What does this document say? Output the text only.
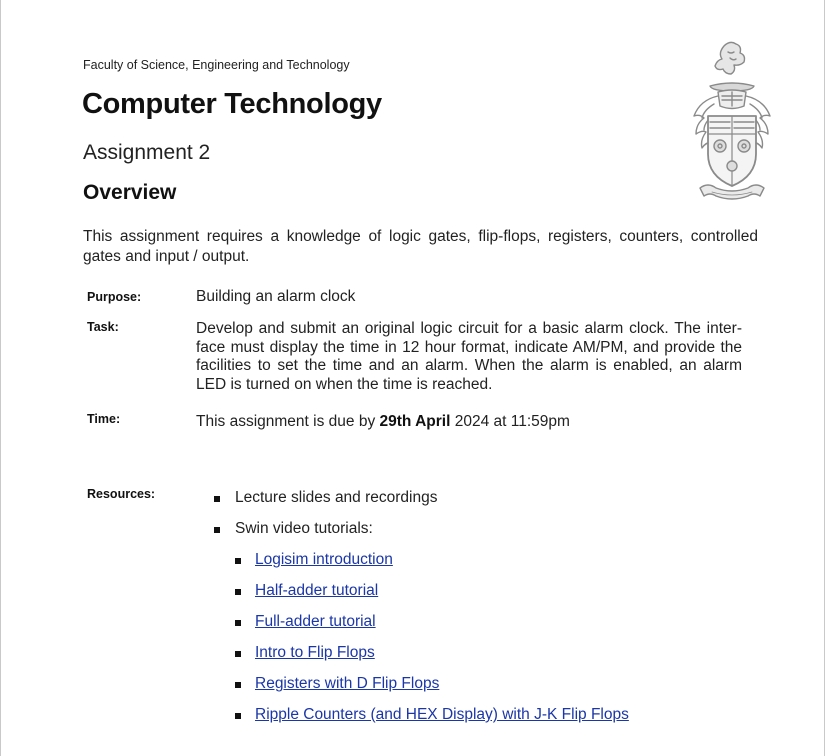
Faculty of Science, Engineering and Technology
Computer Technology
Assignment 2
Overview
This assignment requires a knowledge of logic gates, flip-flops, registers, counters, controlled gates and input / output.
Purpose:	Building an alarm clock
Task:	Develop and submit an original logic circuit for a basic alarm clock. The inter-face must display the time in 12 hour format, indicate AM/PM, and provide the facilities to set the time and an alarm. When the alarm is enabled, an alarm LED is turned on when the time is reached.
Time:	This assignment is due by 29th April 2024 at 11:59pm
Resources:	Lecture slides and recordings
Swin video tutorials:
Logisim introduction
Half-adder tutorial
Full-adder tutorial
Intro to Flip Flops
Registers with D Flip Flops
Ripple Counters (and HEX Display) with J-K Flip Flops
